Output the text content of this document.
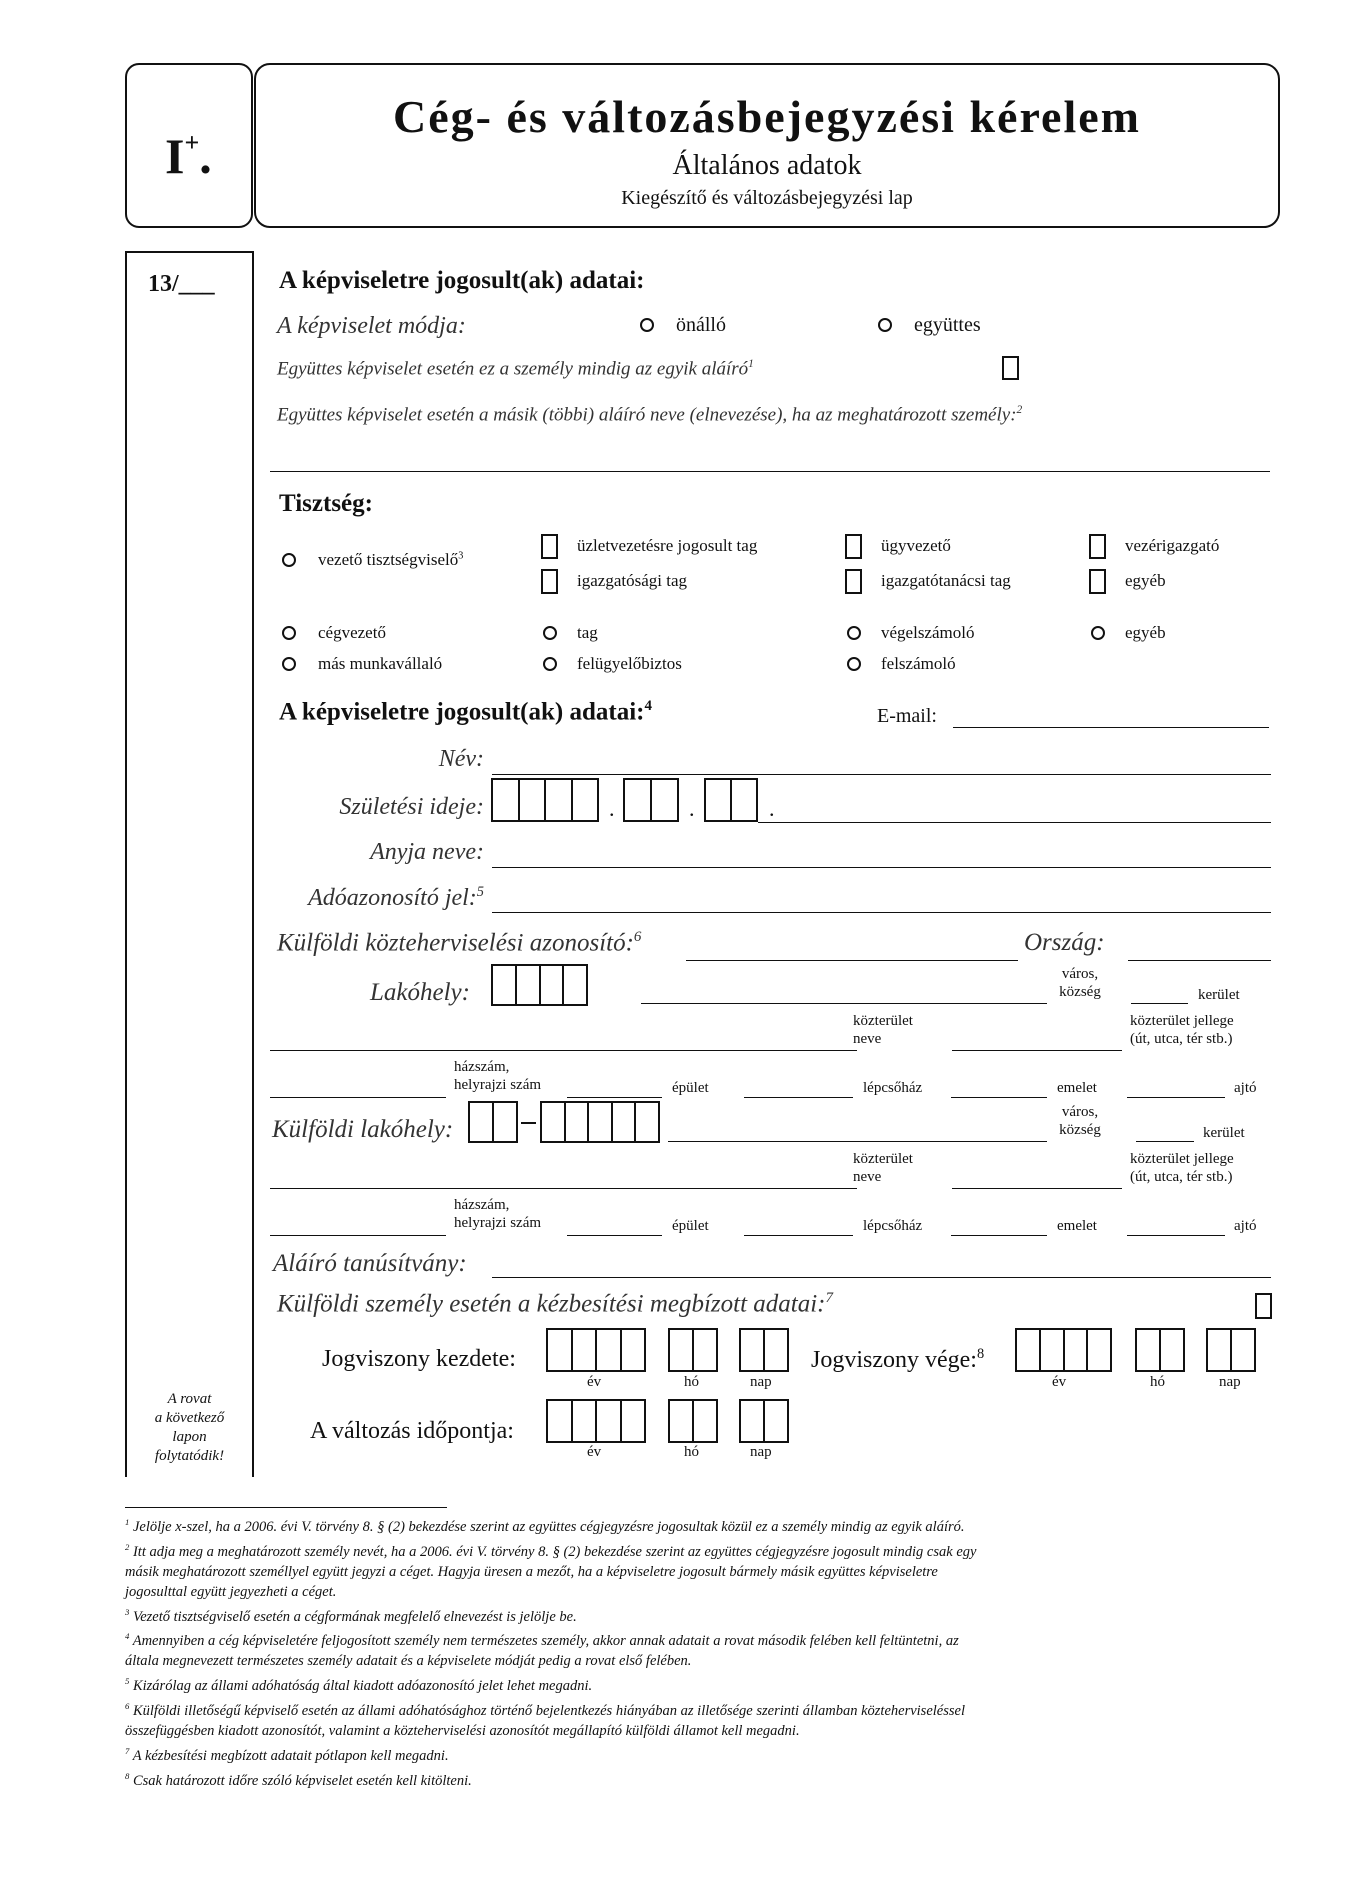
I+.
Cég- és változásbejegyzési kérelem
Általános adatok
Kiegészítő és változásbejegyzési lap
13/___
A rovat
a következő
lapon
folytatódik!
A képviseletre jogosult(ak) adatai:
A képviselet módja:	önálló	együttes
Együttes képviselet esetén ez a személy mindig az egyik aláíró$^1$
Együttes képviselet esetén a másik (többi) aláíró neve (elnevezése), ha az meghatározott személy:$^2$
Tisztség:
vezető tisztségviselő$^3$
üzletvezetésre jogosult tag
igazgatósági tag
ügyvezető
igazgatótanácsi tag
vezérigazgató
egyéb
cégvezető
más munkavállaló
tag
felügyelőbiztos
végelszámoló
felszámoló
egyéb
A képviseletre jogosult(ak) adatai:$^4$	E-mail:
Név:
Születési ideje:	.	.	.
Anyja neve:
Adóazonosító jel:$^5$
Külföldi közteherviselési azonosító:$^6$	Ország:
Lakóhely:
város,
község	kerület
közterület
neve
közterület jellege
(út, utca, tér stb.)
házszám,
helyrajzi szám	épület	lépcsőház	emelet	ajtó
Külföldi lakóhely:
város,
község	kerület
közterület
neve
közterület jellege
(út, utca, tér stb.)
házszám,
helyrajzi szám	épület	lépcsőház	emelet	ajtó
Aláíró tanúsítvány:
Külföldi személy esetén a kézbesítési megbízott adatai:$^7$
Jogviszony kezdete:
év	hó	nap
Jogviszony vége:$^8$
év	hó	nap
A változás időpontja:
év	hó	nap
$^1$ Jelölje x-szel, ha a 2006. évi V. törvény 8. § (2) bekezdése szerint az együttes cégjegyzésre jogosultak közül ez a személy mindig az egyik aláíró.
$^2$ Itt adja meg a meghatározott személy nevét, ha a 2006. évi V. törvény 8. § (2) bekezdése szerint az együttes cégjegyzésre jogosult mindig csak egy
másik meghatározott személlyel együtt jegyzi a céget. Hagyja üresen a mezőt, ha a képviseletre jogosult bármely másik együttes képviseletre
jogosulttal együtt jegyezheti a céget.
$^3$ Vezető tisztségviselő esetén a cégformának megfelelő elnevezést is jelölje be.
$^4$ Amennyiben a cég képviseletére feljogosított személy nem természetes személy, akkor annak adatait a rovat második felében kell feltüntetni, az
általa megnevezett természetes személy adatait és a képviselete módját pedig a rovat első felében.
$^5$ Kizárólag az állami adóhatóság által kiadott adóazonosító jelet lehet megadni.
$^6$ Külföldi illetőségű képviselő esetén az állami adóhatósághoz történő bejelentkezés hiányában az illetősége szerinti államban közteherviseléssel
összefüggésben kiadott azonosítót, valamint a közteherviselési azonosítót megállapító külföldi államot kell megadni.
$^7$ A kézbesítési megbízott adatait pótlapon kell megadni.
$^8$ Csak határozott időre szóló képviselet esetén kell kitölteni.
